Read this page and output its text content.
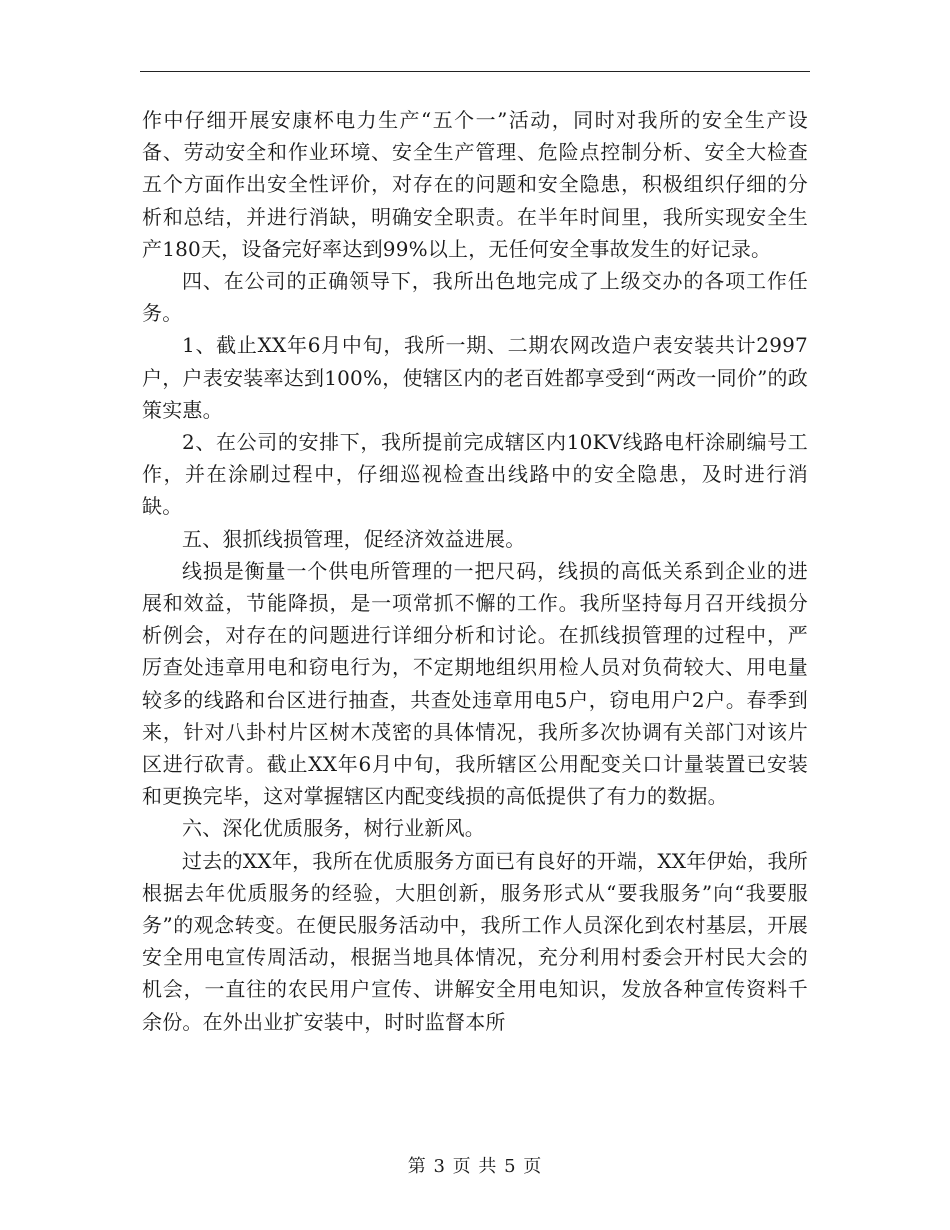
作中仔细开展安康杯电力生产“五个一”活动，同时对我所的安全生产设备、劳动安全和作业环境、安全生产管理、危险点控制分析、安全大检查五个方面作出安全性评价，对存在的问题和安全隐患，积极组织仔细的分析和总结，并进行消缺，明确安全职责。在半年时间里，我所实现安全生产180天，设备完好率达到99%以上，无任何安全事故发生的好记录。

四、在公司的正确领导下，我所出色地完成了上级交办的各项工作任务。

1、截止XX年6月中旬，我所一期、二期农网改造户表安装共计2997户，户表安装率达到100%，使辖区内的老百姓都享受到“两改一同价”的政策实惠。

2、在公司的安排下，我所提前完成辖区内10KV线路电杆涂刷编号工作，并在涂刷过程中，仔细巡视检查出线路中的安全隐患，及时进行消缺。

五、狠抓线损管理，促经济效益进展。

线损是衡量一个供电所管理的一把尺码，线损的高低关系到企业的进展和效益，节能降损，是一项常抓不懈的工作。我所坚持每月召开线损分析例会，对存在的问题进行详细分析和讨论。在抓线损管理的过程中，严厉查处违章用电和窃电行为，不定期地组织用检人员对负荷较大、用电量较多的线路和台区进行抽查，共查处违章用电5户，窃电用户2户。春季到来，针对八卦村片区树木茂密的具体情况，我所多次协调有关部门对该片区进行砍青。截止XX年6月中旬，我所辖区公用配变关口计量装置已安装和更换完毕，这对掌握辖区内配变线损的高低提供了有力的数据。

六、深化优质服务，树行业新风。

过去的XX年，我所在优质服务方面已有良好的开端，XX年伊始，我所根据去年优质服务的经验，大胆创新，服务形式从“要我服务”向“我要服务”的观念转变。在便民服务活动中，我所工作人员深化到农村基层，开展安全用电宣传周活动，根据当地具体情况，充分利用村委会开村民大会的机会，一直往的农民用户宣传、讲解安全用电知识，发放各种宣传资料千余份。在外出业扩安装中，时时监督本所

第 3 页 共 5 页
